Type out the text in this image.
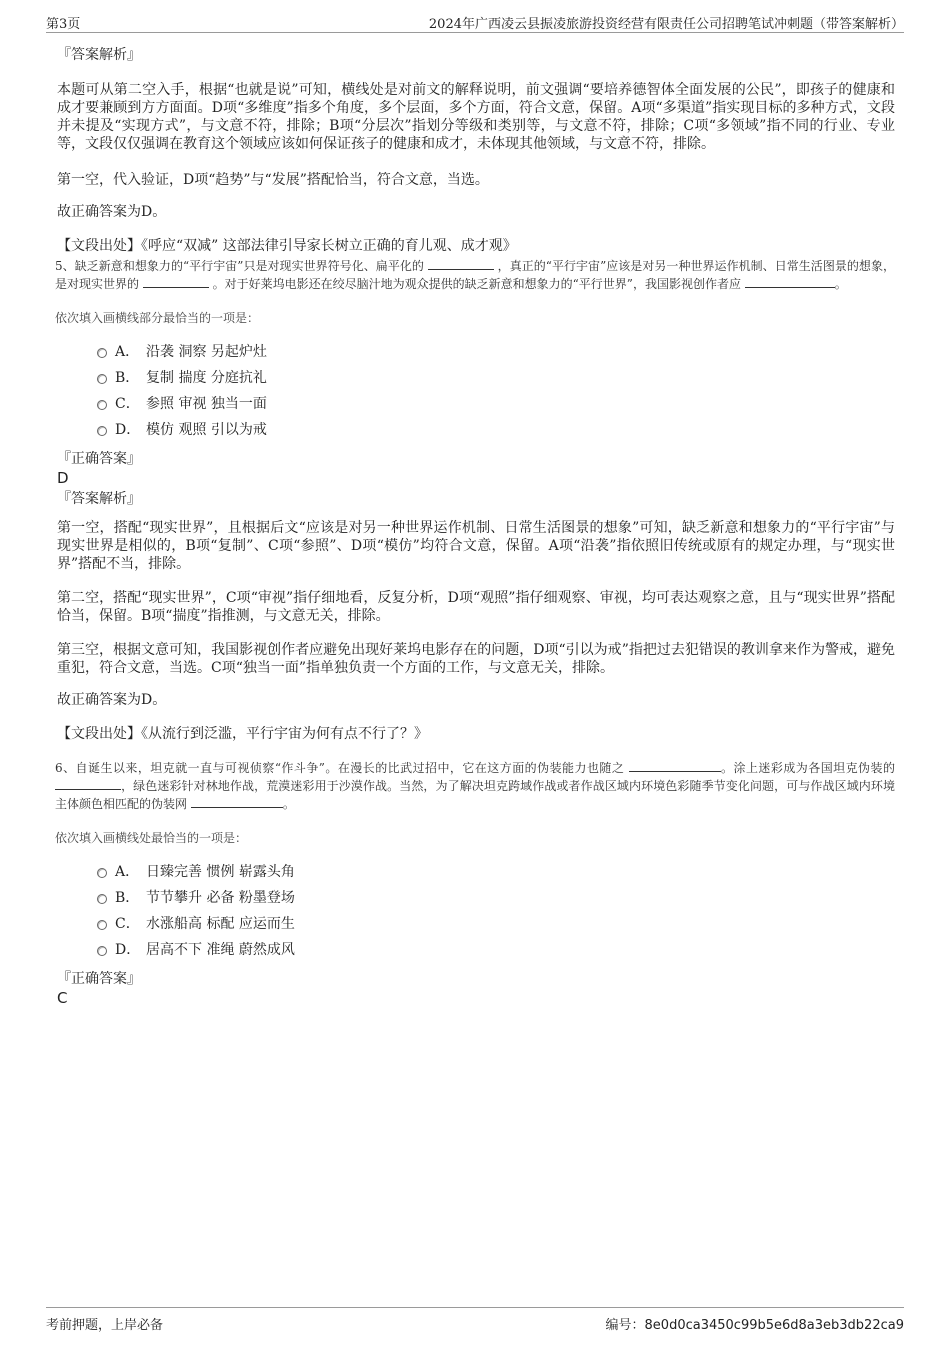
第3页	2024年广西凌云县振凌旅游投资经营有限责任公司招聘笔试冲刺题（带答案解析）

『答案解析』

本题可从第二空入手，根据“也就是说”可知，横线处是对前文的解释说明，前文强调“要培养德智体全面发展的公民”，即孩子的健康和成才要兼顾到方方面面。D项“多维度”指多个角度，多个层面，多个方面，符合文意，保留。A项“多渠道”指实现目标的多种方式，文段并未提及“实现方式”，与文意不符，排除；B项“分层次”指划分等级和类别等，与文意不符，排除；C项“多领域”指不同的行业、专业等，文段仅仅强调在教育这个领域应该如何保证孩子的健康和成才，未体现其他领域，与文意不符，排除。

第一空，代入验证，D项“趋势”与“发展”搭配恰当，符合文意，当选。

故正确答案为D。

【文段出处】《呼应“双减” 这部法律引导家长树立正确的育儿观、成才观》

5、缺乏新意和想象力的“平行宇宙”只是对现实世界符号化、扁平化的	，真正的“平行宇宙”应该是对另一种世界运作机制、日常生活图景的想象，是对现实世界的	。对于好莱坞电影还在绞尽脑汁地为观众提供的缺乏新意和想象力的“平行世界”，我国影视创作者应	。

依次填入画横线部分最恰当的一项是：

A． 沿袭 洞察 另起炉灶
B． 复制 揣度 分庭抗礼
C． 参照 审视 独当一面
D． 模仿 观照 引以为戒

『正确答案』

D

『答案解析』

第一空，搭配“现实世界”，且根据后文“应该是对另一种世界运作机制、日常生活图景的想象”可知，缺乏新意和想象力的“平行宇宙”与现实世界是相似的，B项“复制”、C项“参照”、D项“模仿”均符合文意，保留。A项“沿袭”指依照旧传统或原有的规定办理，与“现实世界”搭配不当，排除。

第二空，搭配“现实世界”，C项“审视”指仔细地看，反复分析，D项“观照”指仔细观察、审视，均可表达观察之意，且与“现实世界”搭配恰当，保留。B项“揣度”指推测，与文意无关，排除。

第三空，根据文意可知，我国影视创作者应避免出现好莱坞电影存在的问题，D项“引以为戒”指把过去犯错误的教训拿来作为警戒，避免重犯，符合文意，当选。C项“独当一面”指单独负责一个方面的工作，与文意无关，排除。

故正确答案为D。

【文段出处】《从流行到泛滥，平行宇宙为何有点不行了？》

6、自诞生以来，坦克就一直与可视侦察“作斗争”。在漫长的比武过招中，它在这方面的伪装能力也随之	。涂上迷彩成为各国坦克伪装的 ，绿色迷彩针对林地作战，荒漠迷彩用于沙漠作战。当然，为了解决坦克跨域作战或者作战区域内环境色彩随季节变化问题，可与作战区域内环境主体颜色相匹配的伪装网	。

依次填入画横线处最恰当的一项是：

A． 日臻完善 惯例 崭露头角
B． 节节攀升 必备 粉墨登场
C． 水涨船高 标配 应运而生
D． 居高不下 准绳 蔚然成风

『正确答案』

C

考前押题，上岸必备	编号：8e0d0ca3450c99b5e6d8a3eb3db22ca9
